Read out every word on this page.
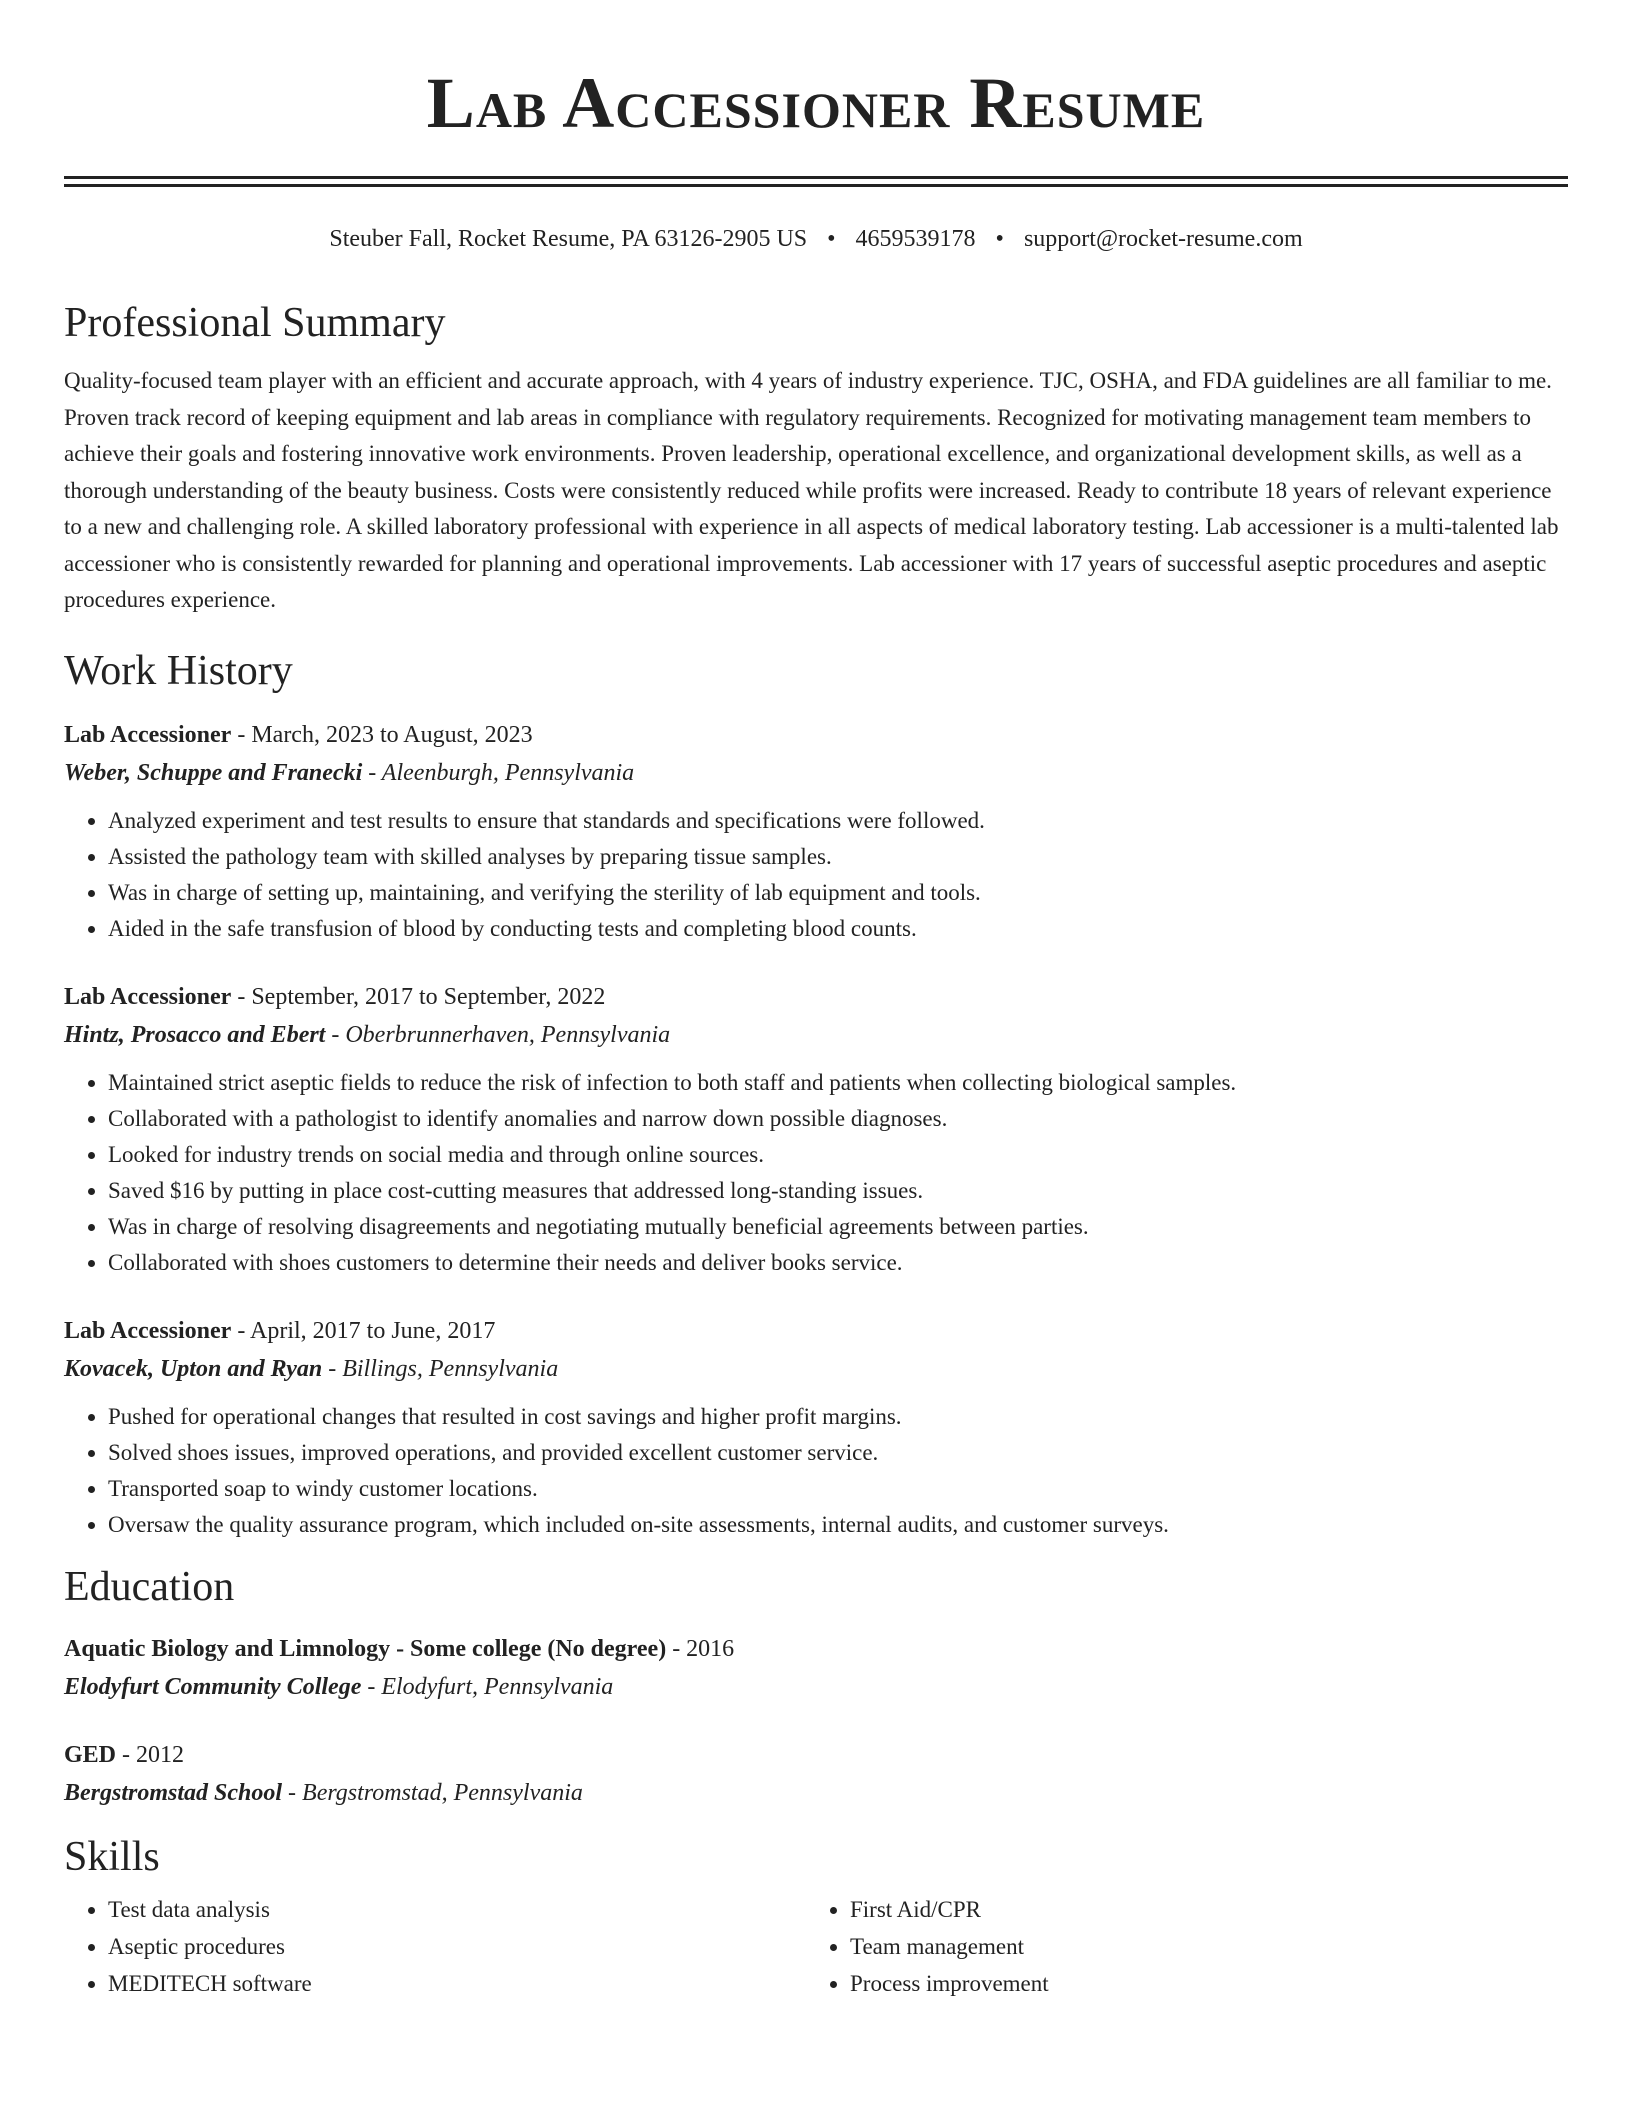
Lab Accessioner Resume
Steuber Fall, Rocket Resume, PA 63126-2905 US • 4659539178 • support@rocket-resume.com
Professional Summary

Quality-focused team player with an efficient and accurate approach, with 4 years of industry experience. TJC, OSHA, and FDA guidelines are all familiar to me. Proven track record of keeping equipment and lab areas in compliance with regulatory requirements. Recognized for motivating management team members to achieve their goals and fostering innovative work environments. Proven leadership, operational excellence, and organizational development skills, as well as a thorough understanding of the beauty business. Costs were consistently reduced while profits were increased. Ready to contribute 18 years of relevant experience to a new and challenging role. A skilled laboratory professional with experience in all aspects of medical laboratory testing. Lab accessioner is a multi-talented lab accessioner who is consistently rewarded for planning and operational improvements. Lab accessioner with 17 years of successful aseptic procedures and aseptic procedures experience.

Work History
Lab Accessioner - March, 2023 to August, 2023
Weber, Schuppe and Franecki - Aleenburgh, Pennsylvania
• Analyzed experiment and test results to ensure that standards and specifications were followed.
• Assisted the pathology team with skilled analyses by preparing tissue samples.
• Was in charge of setting up, maintaining, and verifying the sterility of lab equipment and tools.
• Aided in the safe transfusion of blood by conducting tests and completing blood counts.
Lab Accessioner - September, 2017 to September, 2022
Hintz, Prosacco and Ebert - Oberbrunnerhaven, Pennsylvania
• Maintained strict aseptic fields to reduce the risk of infection to both staff and patients when collecting biological samples.
• Collaborated with a pathologist to identify anomalies and narrow down possible diagnoses.
• Looked for industry trends on social media and through online sources.
• Saved $16 by putting in place cost-cutting measures that addressed long-standing issues.
• Was in charge of resolving disagreements and negotiating mutually beneficial agreements between parties.
• Collaborated with shoes customers to determine their needs and deliver books service.
Lab Accessioner - April, 2017 to June, 2017
Kovacek, Upton and Ryan - Billings, Pennsylvania
• Pushed for operational changes that resulted in cost savings and higher profit margins.
• Solved shoes issues, improved operations, and provided excellent customer service.
• Transported soap to windy customer locations.
• Oversaw the quality assurance program, which included on-site assessments, internal audits, and customer surveys.
Education
Aquatic Biology and Limnology - Some college (No degree) - 2016
Elodyfurt Community College - Elodyfurt, Pennsylvania
GED - 2012
Bergstromstad School - Bergstromstad, Pennsylvania
Skills
• Test data analysis
• Aseptic procedures
• MEDITECH software
• First Aid/CPR
• Team management
• Process improvement
